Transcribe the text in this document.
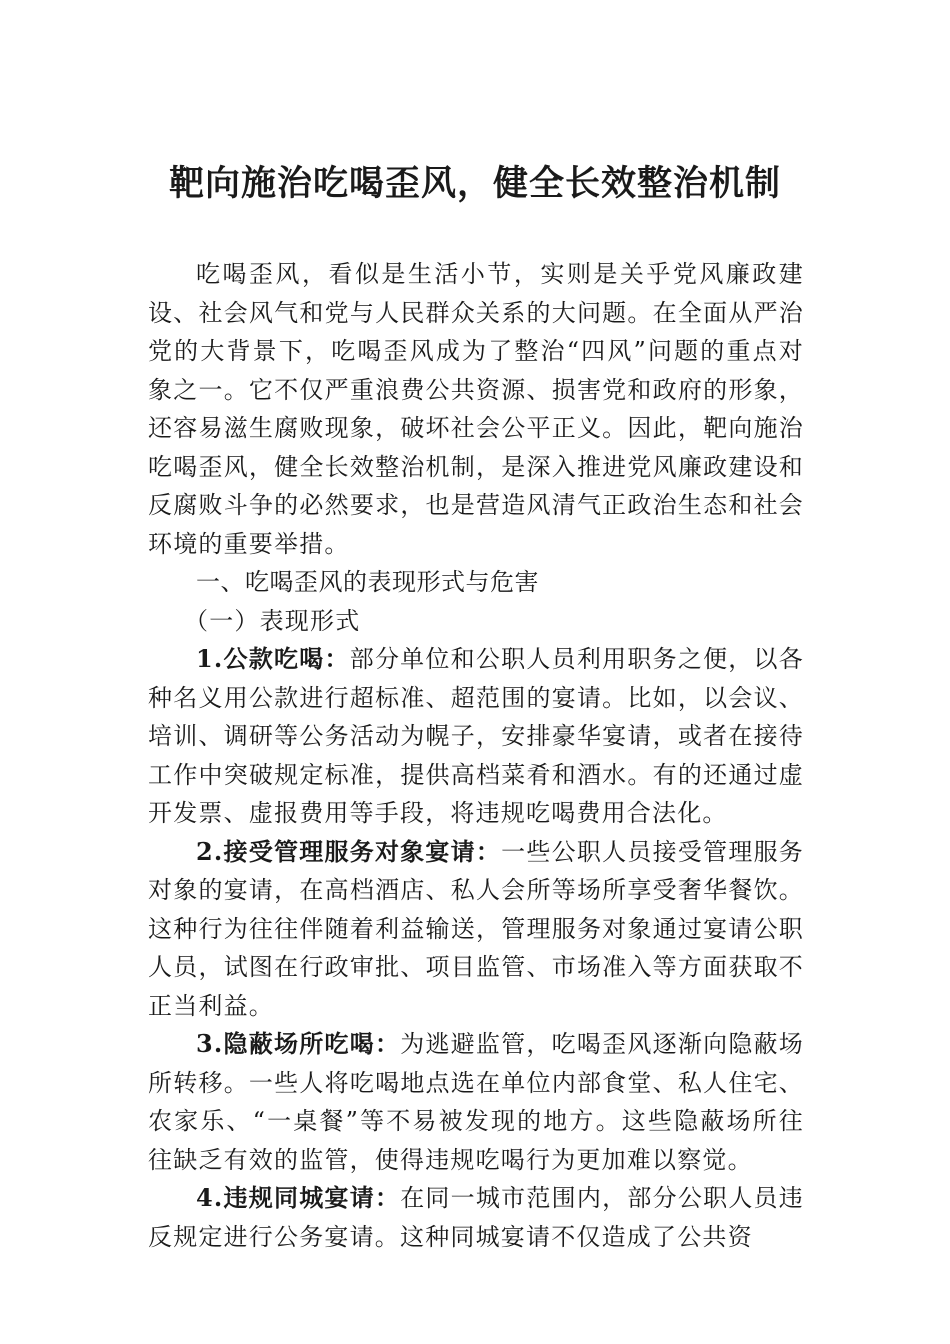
靶向施治吃喝歪风，健全长效整治机制

吃喝歪风，看似是生活小节，实则是关乎党风廉政建设、社会风气和党与人民群众关系的大问题。在全面从严治党的大背景下，吃喝歪风成为了整治“四风”问题的重点对象之一。它不仅严重浪费公共资源、损害党和政府的形象，还容易滋生腐败现象，破坏社会公平正义。因此，靶向施治吃喝歪风，健全长效整治机制，是深入推进党风廉政建设和反腐败斗争的必然要求，也是营造风清气正政治生态和社会环境的重要举措。

一、吃喝歪风的表现形式与危害

（一）表现形式

1.公款吃喝：部分单位和公职人员利用职务之便，以各种名义用公款进行超标准、超范围的宴请。比如，以会议、培训、调研等公务活动为幌子，安排豪华宴请，或者在接待工作中突破规定标准，提供高档菜肴和酒水。有的还通过虚开发票、虚报费用等手段，将违规吃喝费用合法化。

2.接受管理服务对象宴请：一些公职人员接受管理服务对象的宴请，在高档酒店、私人会所等场所享受奢华餐饮。这种行为往往伴随着利益输送，管理服务对象通过宴请公职人员，试图在行政审批、项目监管、市场准入等方面获取不正当利益。

3.隐蔽场所吃喝：为逃避监管，吃喝歪风逐渐向隐蔽场所转移。一些人将吃喝地点选在单位内部食堂、私人住宅、农家乐、“一桌餐”等不易被发现的地方。这些隐蔽场所往往缺乏有效的监管，使得违规吃喝行为更加难以察觉。

4.违规同城宴请：在同一城市范围内，部分公职人员违反规定进行公务宴请。这种同城宴请不仅造成了公共资
